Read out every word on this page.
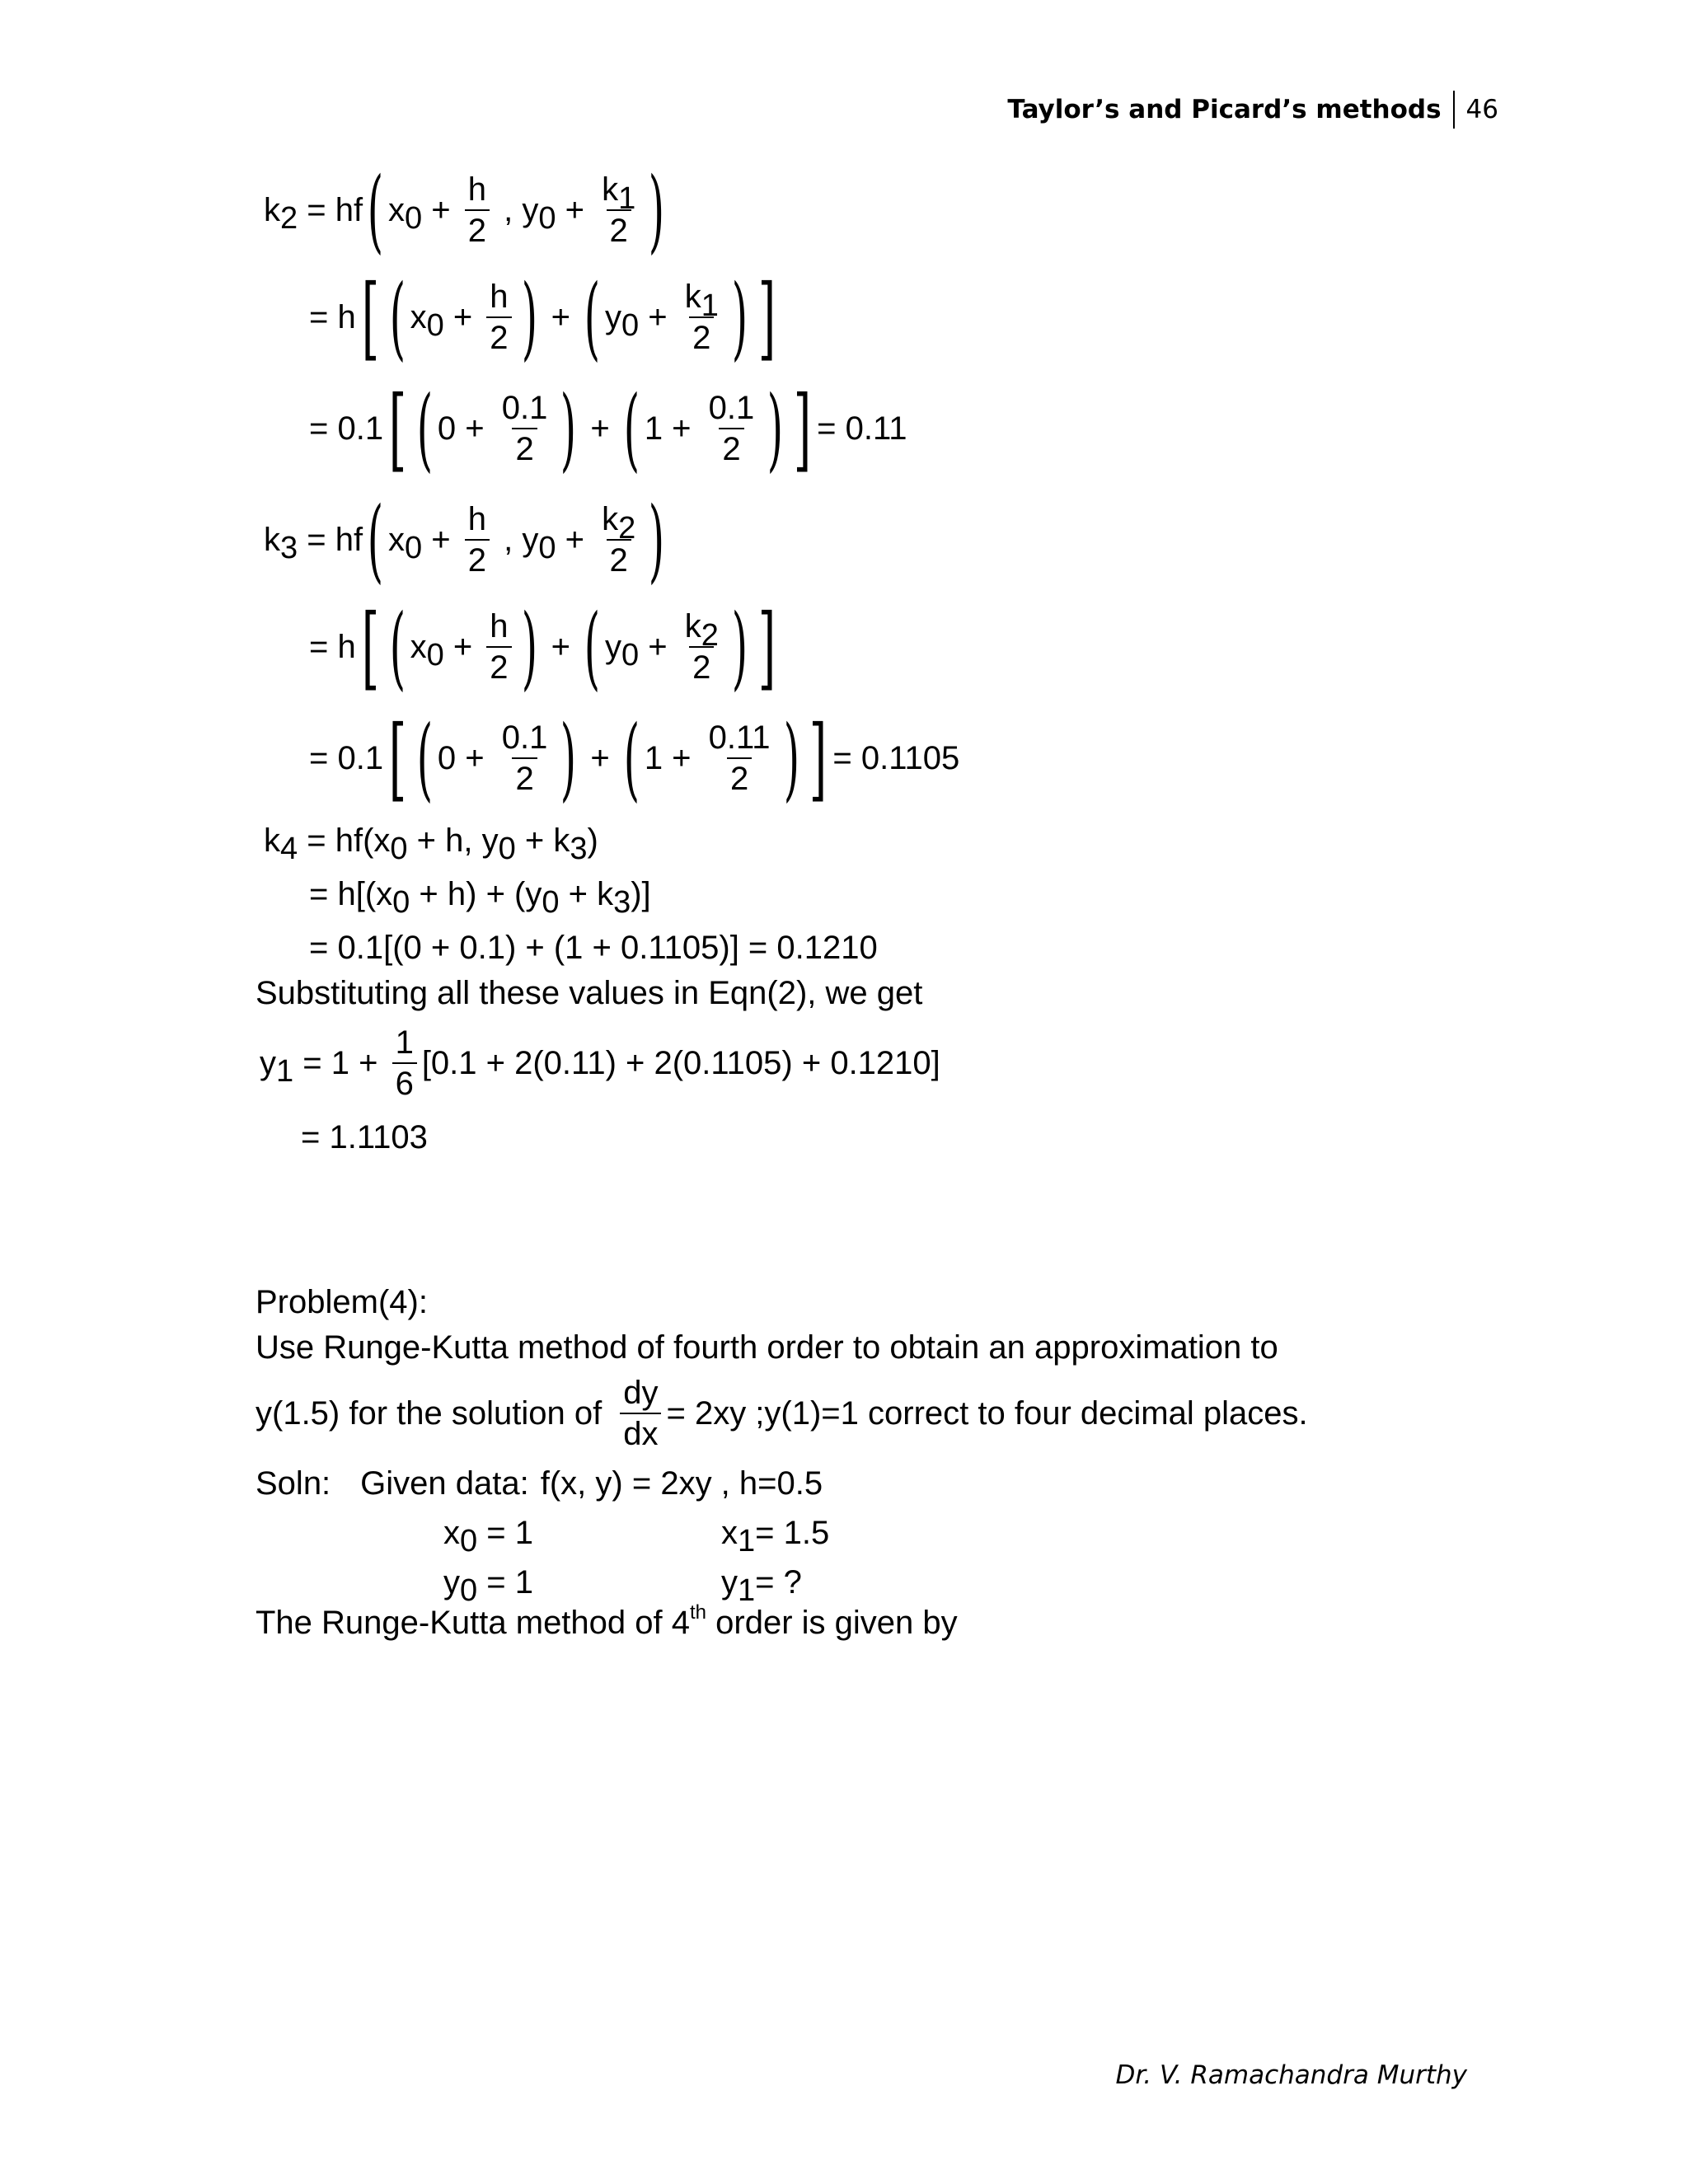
Taylor’s and Picard’s methods 46
k 2 = hf ( x $0 + \frac{h}{2}$ , y $0 + \frac{k1}{2}$ )
= h [ ( x $0 + \frac{h}{2}$ ) + ( y $0 + \frac{k1}{2}$ ) ]
= 0.1 [ ( $0 + \frac{0.1}{2}$ ) + ( $1 + \frac{0.1}{2}$ ) ] = 0.11
k 3 = hf ( x $0 + \frac{h}{2}$ , y $0 + \frac{k2}{2}$ )
= h [ ( x $0 + \frac{h}{2}$ ) + ( y $0 + \frac{k2}{2}$ ) ]
= 0.1 [ ( $0 + \frac{0.1}{2}$ ) + ( $1 + \frac{0.11}{2}$ ) ] = 0.1105
k 4 = hf(x 0 + h, y 0 + k 3 )
= h[(x 0 + h) + (y 0 + k 3 )]
= 0.1[(0 + 0.1) + (1 + 0.1105)] = 0.1210
Substituting all these values in Eqn(2), we get
y $1 = 1 + \frac{1}{6} [0.1 + 2(0.11) + 2(0.1105) + 0.1210]$
= 1.1103
Problem(4):
Use Runge-Kutta method of fourth order to obtain an approximation to
y(1.5) for the solution of $\frac{dy}{dx} = 2xy$ ;y(1)=1 correct to four decimal places.
Soln: Given data: f(x, y) = 2xy , h=0.5
x 0 = 1	x 1 = 1.5
y 0 = 1	y 1 = ?
The Runge-Kutta method of 4th order is given by
Dr. V. Ramachandra Murthy
